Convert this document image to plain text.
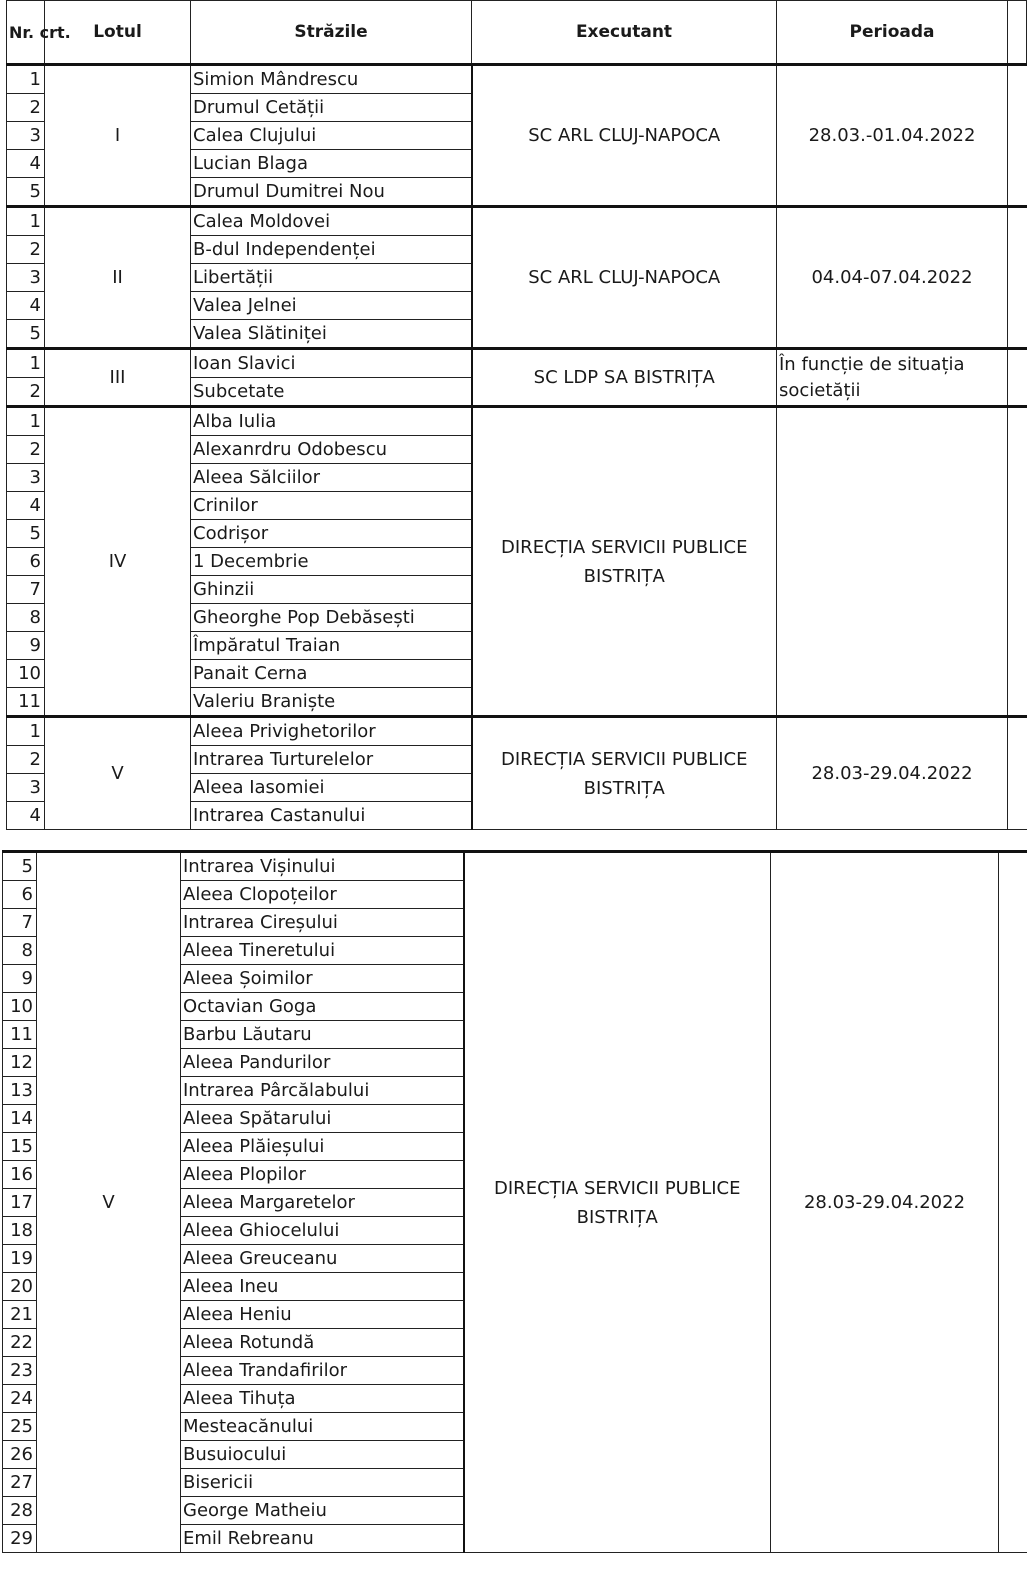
Nr. crt.	Lotul	Străzile	Executant	Perioada	
1	I	Simion Mândrescu	SC ARL CLUJ-NAPOCA	28.03.-01.04.2022	
2		Drumul Cetății			
3		Calea Clujului			
4		Lucian Blaga			
5		Drumul Dumitrei Nou			
1	II	Calea Moldovei	SC ARL CLUJ-NAPOCA	04.04-07.04.2022	
2		B-dul Independenței			
3		Libertății			
4		Valea Jelnei			
5		Valea Slătiniței			
1	III	Ioan Slavici	SC LDP SA BISTRIȚA	În funcție de situația societății	
2		Subcetate			
1	IV	Alba Iulia	DIRECȚIA SERVICII PUBLICE BISTRIȚA		
2		Alexanrdru Odobescu			
3		Aleea Sălciilor			
4		Crinilor			
5		Codrișor			
6		1 Decembrie			
7		Ghinzii			
8		Gheorghe Pop Debăsești			
9		Împăratul Traian			
10		Panait Cerna			
11		Valeriu Braniște			
1	V	Aleea Privighetorilor	DIRECȚIA SERVICII PUBLICE BISTRIȚA	28.03-29.04.2022	
2		Intrarea Turturelelor			
3		Aleea Iasomiei			
4		Intrarea Castanului			
5	V	Intrarea Vișinului	DIRECȚIA SERVICII PUBLICE BISTRIȚA	28.03-29.04.2022	
6		Aleea Clopoțeilor			
7		Intrarea Cireșului			
8		Aleea Tineretului			
9		Aleea Șoimilor			
10		Octavian Goga			
11		Barbu Lăutaru			
12		Aleea Pandurilor			
13		Intrarea Pârcălabului			
14		Aleea Spătarului			
15		Aleea Plăieșului			
16		Aleea Plopilor			
17		Aleea Margaretelor			
18		Aleea Ghiocelului			
19		Aleea Greuceanu			
20		Aleea Ineu			
21		Aleea Heniu			
22		Aleea Rotundă			
23		Aleea Trandafirilor			
24		Aleea Tihuța			
25		Mesteacănului			
26		Busuiocului			
27		Bisericii			
28		George Matheiu			
29		Emil Rebreanu			
